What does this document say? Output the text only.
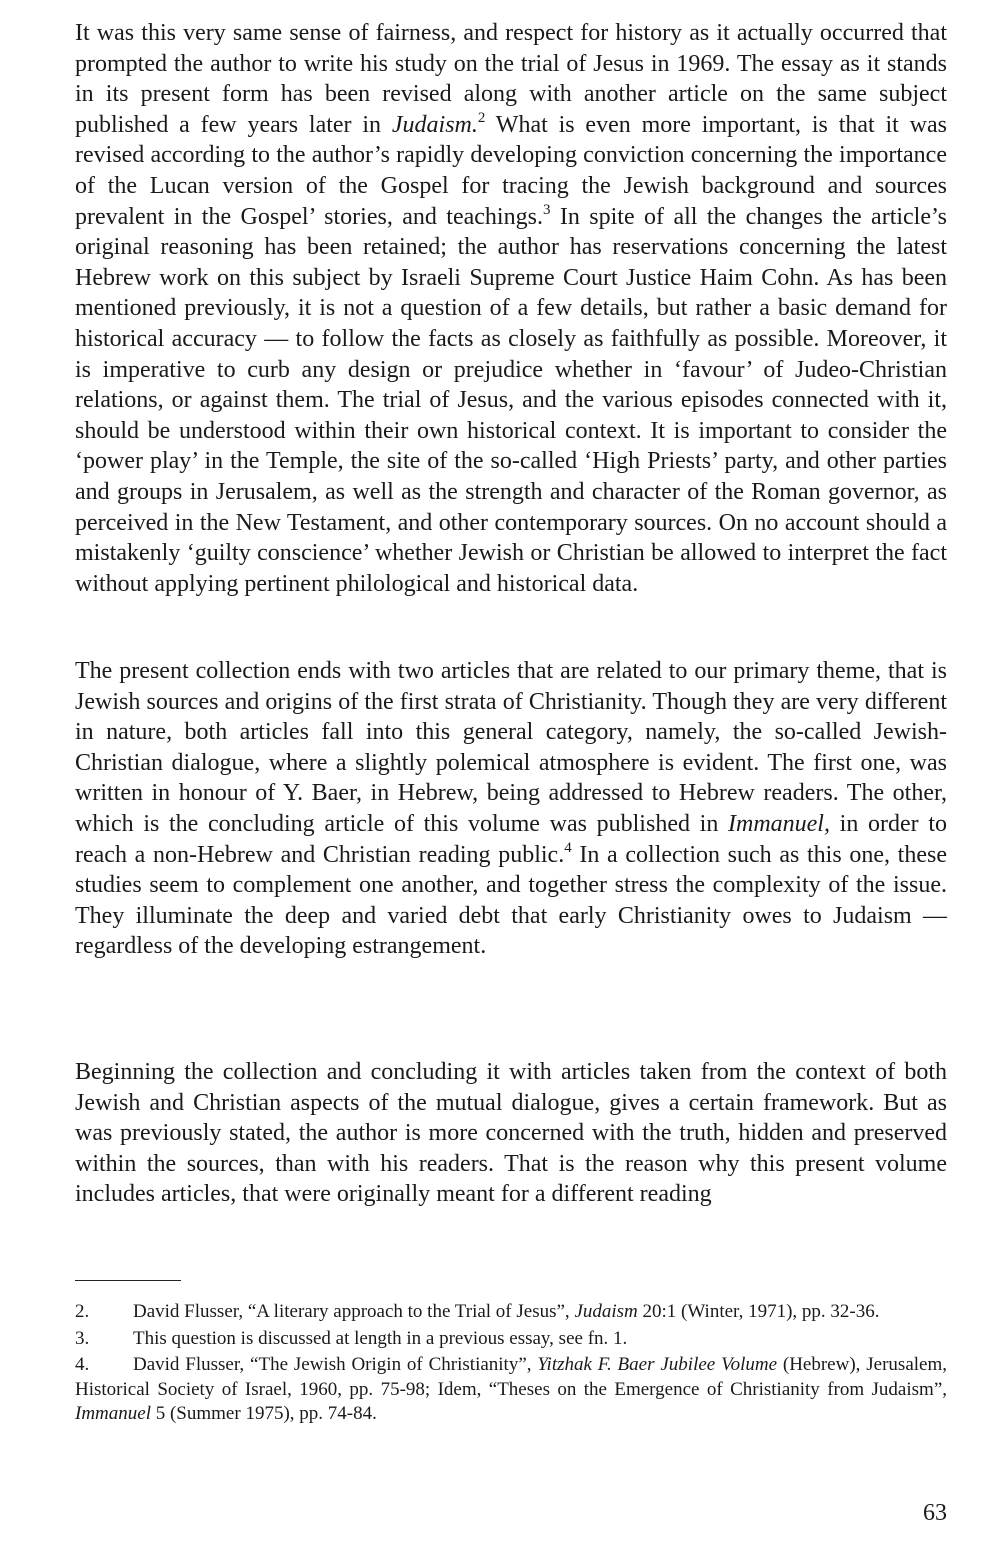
It was this very same sense of fairness, and respect for history as it actually occurred that prompted the author to write his study on the trial of Jesus in 1969. The essay as it stands in its present form has been revised along with another article on the same subject published a few years later in Judaism.$^2$ What is even more important, is that it was revised according to the author’s rapidly developing conviction concerning the importance of the Lucan version of the Gospel for tracing the Jewish background and sources prevalent in the Gospel’ stories, and teachings.$^3$ In spite of all the changes the article’s original reasoning has been retained; the author has reservations concerning the latest Hebrew work on this subject by Israeli Supreme Court Justice Haim Cohn. As has been mentioned previously, it is not a question of a few details, but rather a basic demand for historical accuracy — to follow the facts as closely as faithfully as possible. Moreover, it is imperative to curb any design or prejudice whether in ‘favour’ of Judeo-Christian relations, or against them. The trial of Jesus, and the various episodes connected with it, should be understood within their own historical context. It is important to consider the ‘power play’ in the Temple, the site of the so-called ‘High Priests’ party, and other parties and groups in Jerusalem, as well as the strength and character of the Roman governor, as perceived in the New Testament, and other contemporary sources. On no account should a mistakenly ‘guilty conscience’ whether Jewish or Christian be allowed to interpret the fact without applying pertinent philological and historical data.

The present collection ends with two articles that are related to our primary theme, that is Jewish sources and origins of the first strata of Christianity. Though they are very different in nature, both articles fall into this general category, namely, the so-called Jewish-Christian dialogue, where a slightly polemical atmosphere is evident. The first one, was written in honour of Y. Baer, in Hebrew, being addressed to Hebrew readers. The other, which is the concluding article of this volume was published in Immanuel, in order to reach a non-Hebrew and Christian reading public.$^4$ In a collection such as this one, these studies seem to complement one another, and together stress the complexity of the issue. They illuminate the deep and varied debt that early Christianity owes to Judaism — regardless of the developing estrangement.

Beginning the collection and concluding it with articles taken from the context of both Jewish and Christian aspects of the mutual dialogue, gives a certain framework. But as was previously stated, the author is more concerned with the truth, hidden and preserved within the sources, than with his readers. That is the reason why this present volume includes articles, that were originally meant for a different reading

2. David Flusser, “A literary approach to the Trial of Jesus”, Judaism 20:1 (Winter, 1971), pp. 32-36.

3. This question is discussed at length in a previous essay, see fn. 1.

4. David Flusser, “The Jewish Origin of Christianity”, Yitzhak F. Baer Jubilee Volume (Hebrew), Jerusalem, Historical Society of Israel, 1960, pp. 75-98; Idem, “Theses on the Emergence of Christianity from Judaism”, Immanuel 5 (Summer 1975), pp. 74-84.

63
